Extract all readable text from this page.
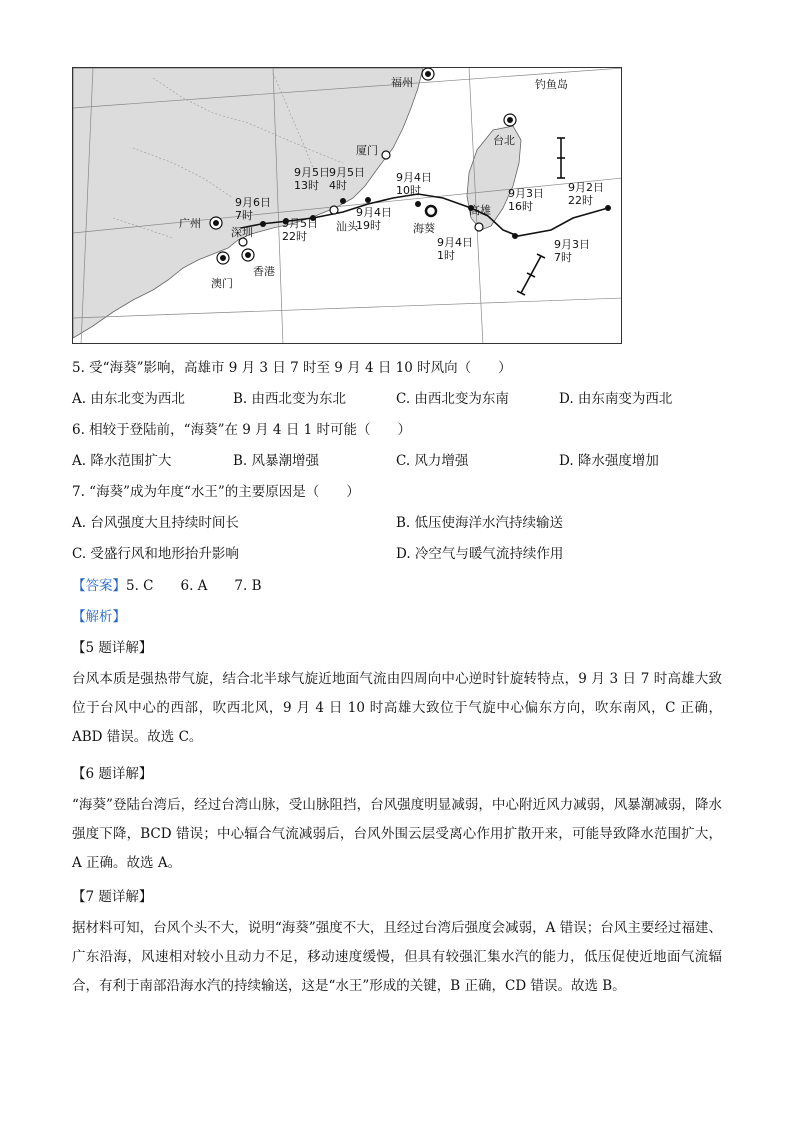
福州	钓鱼岛
台北
厦门
广州
深圳
香港
澳门
汕头
高雄
海葵
9月6日 7时
9月5日 22时
9月5日 13时
9月5日 4时
9月4日 19时
9月4日 10时
9月4日 1时
9月3日 16时
9月3日 7时
9月2日 22时
5. 受“海葵”影响，高雄市 9 月 3 日 7 时至 9 月 4 日 10 时风向（　　）
A. 由东北变为西北	B. 由西北变为东北	C. 由西北变为东南	D. 由东南变为西北
6. 相较于登陆前，“海葵”在 9 月 4 日 1 时可能（　　）
A. 降水范围扩大	B. 风暴潮增强	C. 风力增强	D. 降水强度增加
7. “海葵”成为年度“水王”的主要原因是（　　）
A. 台风强度大且持续时间长	B. 低压使海洋水汽持续输送
C. 受盛行风和地形抬升影响	D. 冷空气与暖气流持续作用
【答案】5. C　　6. A　　7. B
【解析】
【5 题详解】
台风本质是强热带气旋，结合北半球气旋近地面气流由四周向中心逆时针旋转特点，9 月 3 日 7 时高雄大致位于台风中心的西部，吹西北风，9 月 4 日 10 时高雄大致位于气旋中心偏东方向，吹东南风，C 正确，ABD 错误。故选 C。
【6 题详解】
“海葵”登陆台湾后，经过台湾山脉，受山脉阻挡，台风强度明显减弱，中心附近风力减弱，风暴潮减弱，降水强度下降，BCD 错误；中心辐合气流减弱后，台风外围云层受离心作用扩散开来，可能导致降水范围扩大，A 正确。故选 A。
【7 题详解】
据材料可知，台风个头不大，说明“海葵”强度不大，且经过台湾后强度会减弱，A 错误；台风主要经过福建、广东沿海，风速相对较小且动力不足，移动速度缓慢，但具有较强汇集水汽的能力，低压促使近地面气流辐合，有利于南部沿海水汽的持续输送，这是“水王”形成的关键，B 正确，CD 错误。故选 B。
